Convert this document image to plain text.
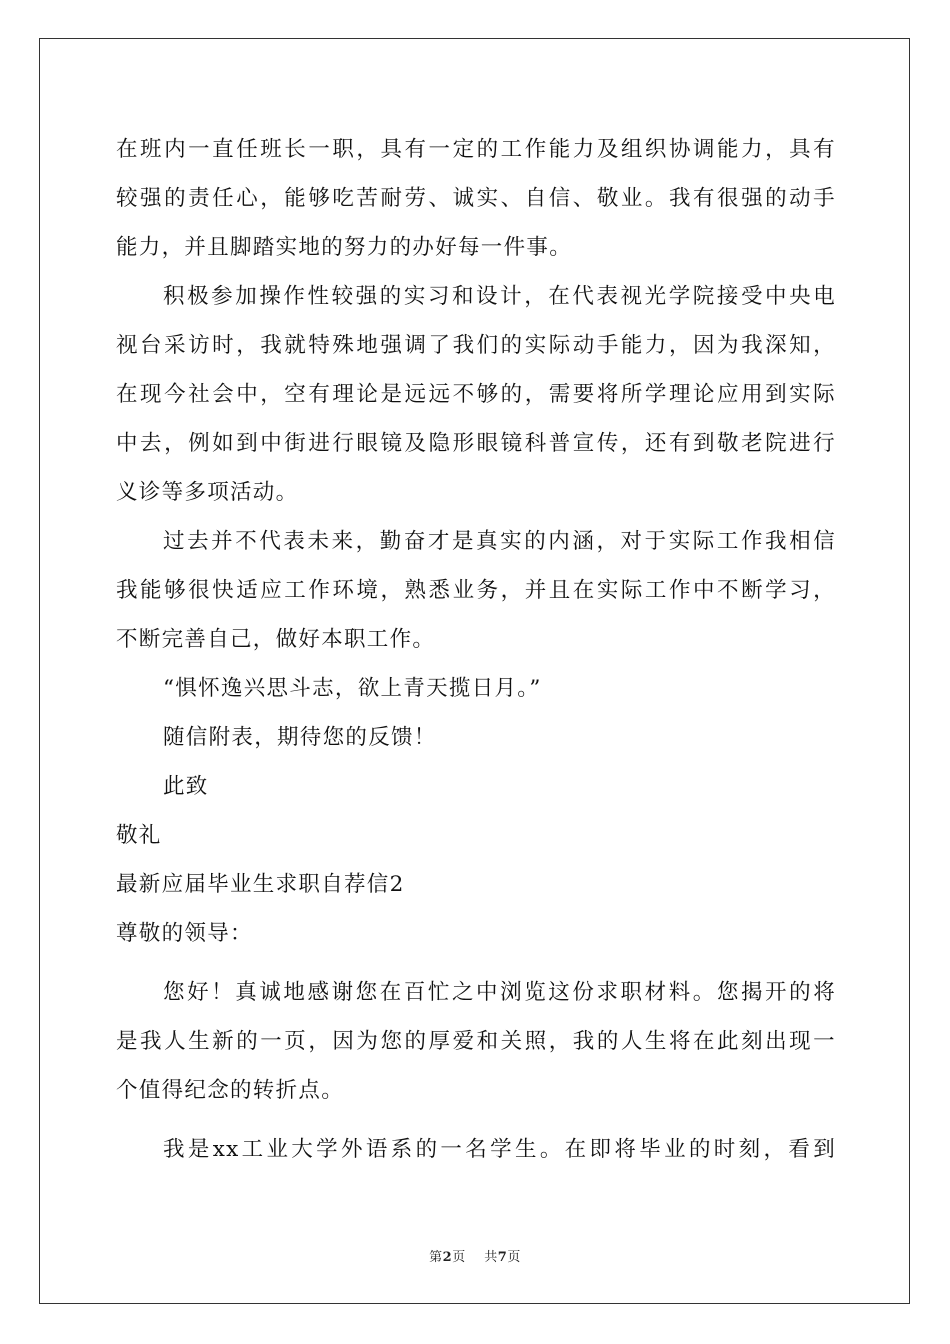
在班内一直任班长一职，具有一定的工作能力及组织协调能力，具有
较强的责任心，能够吃苦耐劳、诚实、自信、敬业。我有很强的动手
能力，并且脚踏实地的努力的办好每一件事。
积极参加操作性较强的实习和设计，在代表视光学院接受中央电
视台采访时，我就特殊地强调了我们的实际动手能力，因为我深知，
在现今社会中，空有理论是远远不够的，需要将所学理论应用到实际
中去，例如到中街进行眼镜及隐形眼镜科普宣传，还有到敬老院进行
义诊等多项活动。
过去并不代表未来，勤奋才是真实的内涵，对于实际工作我相信
我能够很快适应工作环境，熟悉业务，并且在实际工作中不断学习，
不断完善自己，做好本职工作。
“惧怀逸兴思斗志，欲上青天揽日月。”
随信附表，期待您的反馈！
此致
敬礼
最新应届毕业生求职自荐信2
尊敬的领导：
您好！真诚地感谢您在百忙之中浏览这份求职材料。您揭开的将
是我人生新的一页，因为您的厚爱和关照，我的人生将在此刻出现一
个值得纪念的转折点。
我是xx工业大学外语系的一名学生。在即将毕业的时刻，看到
第2页 共7页
